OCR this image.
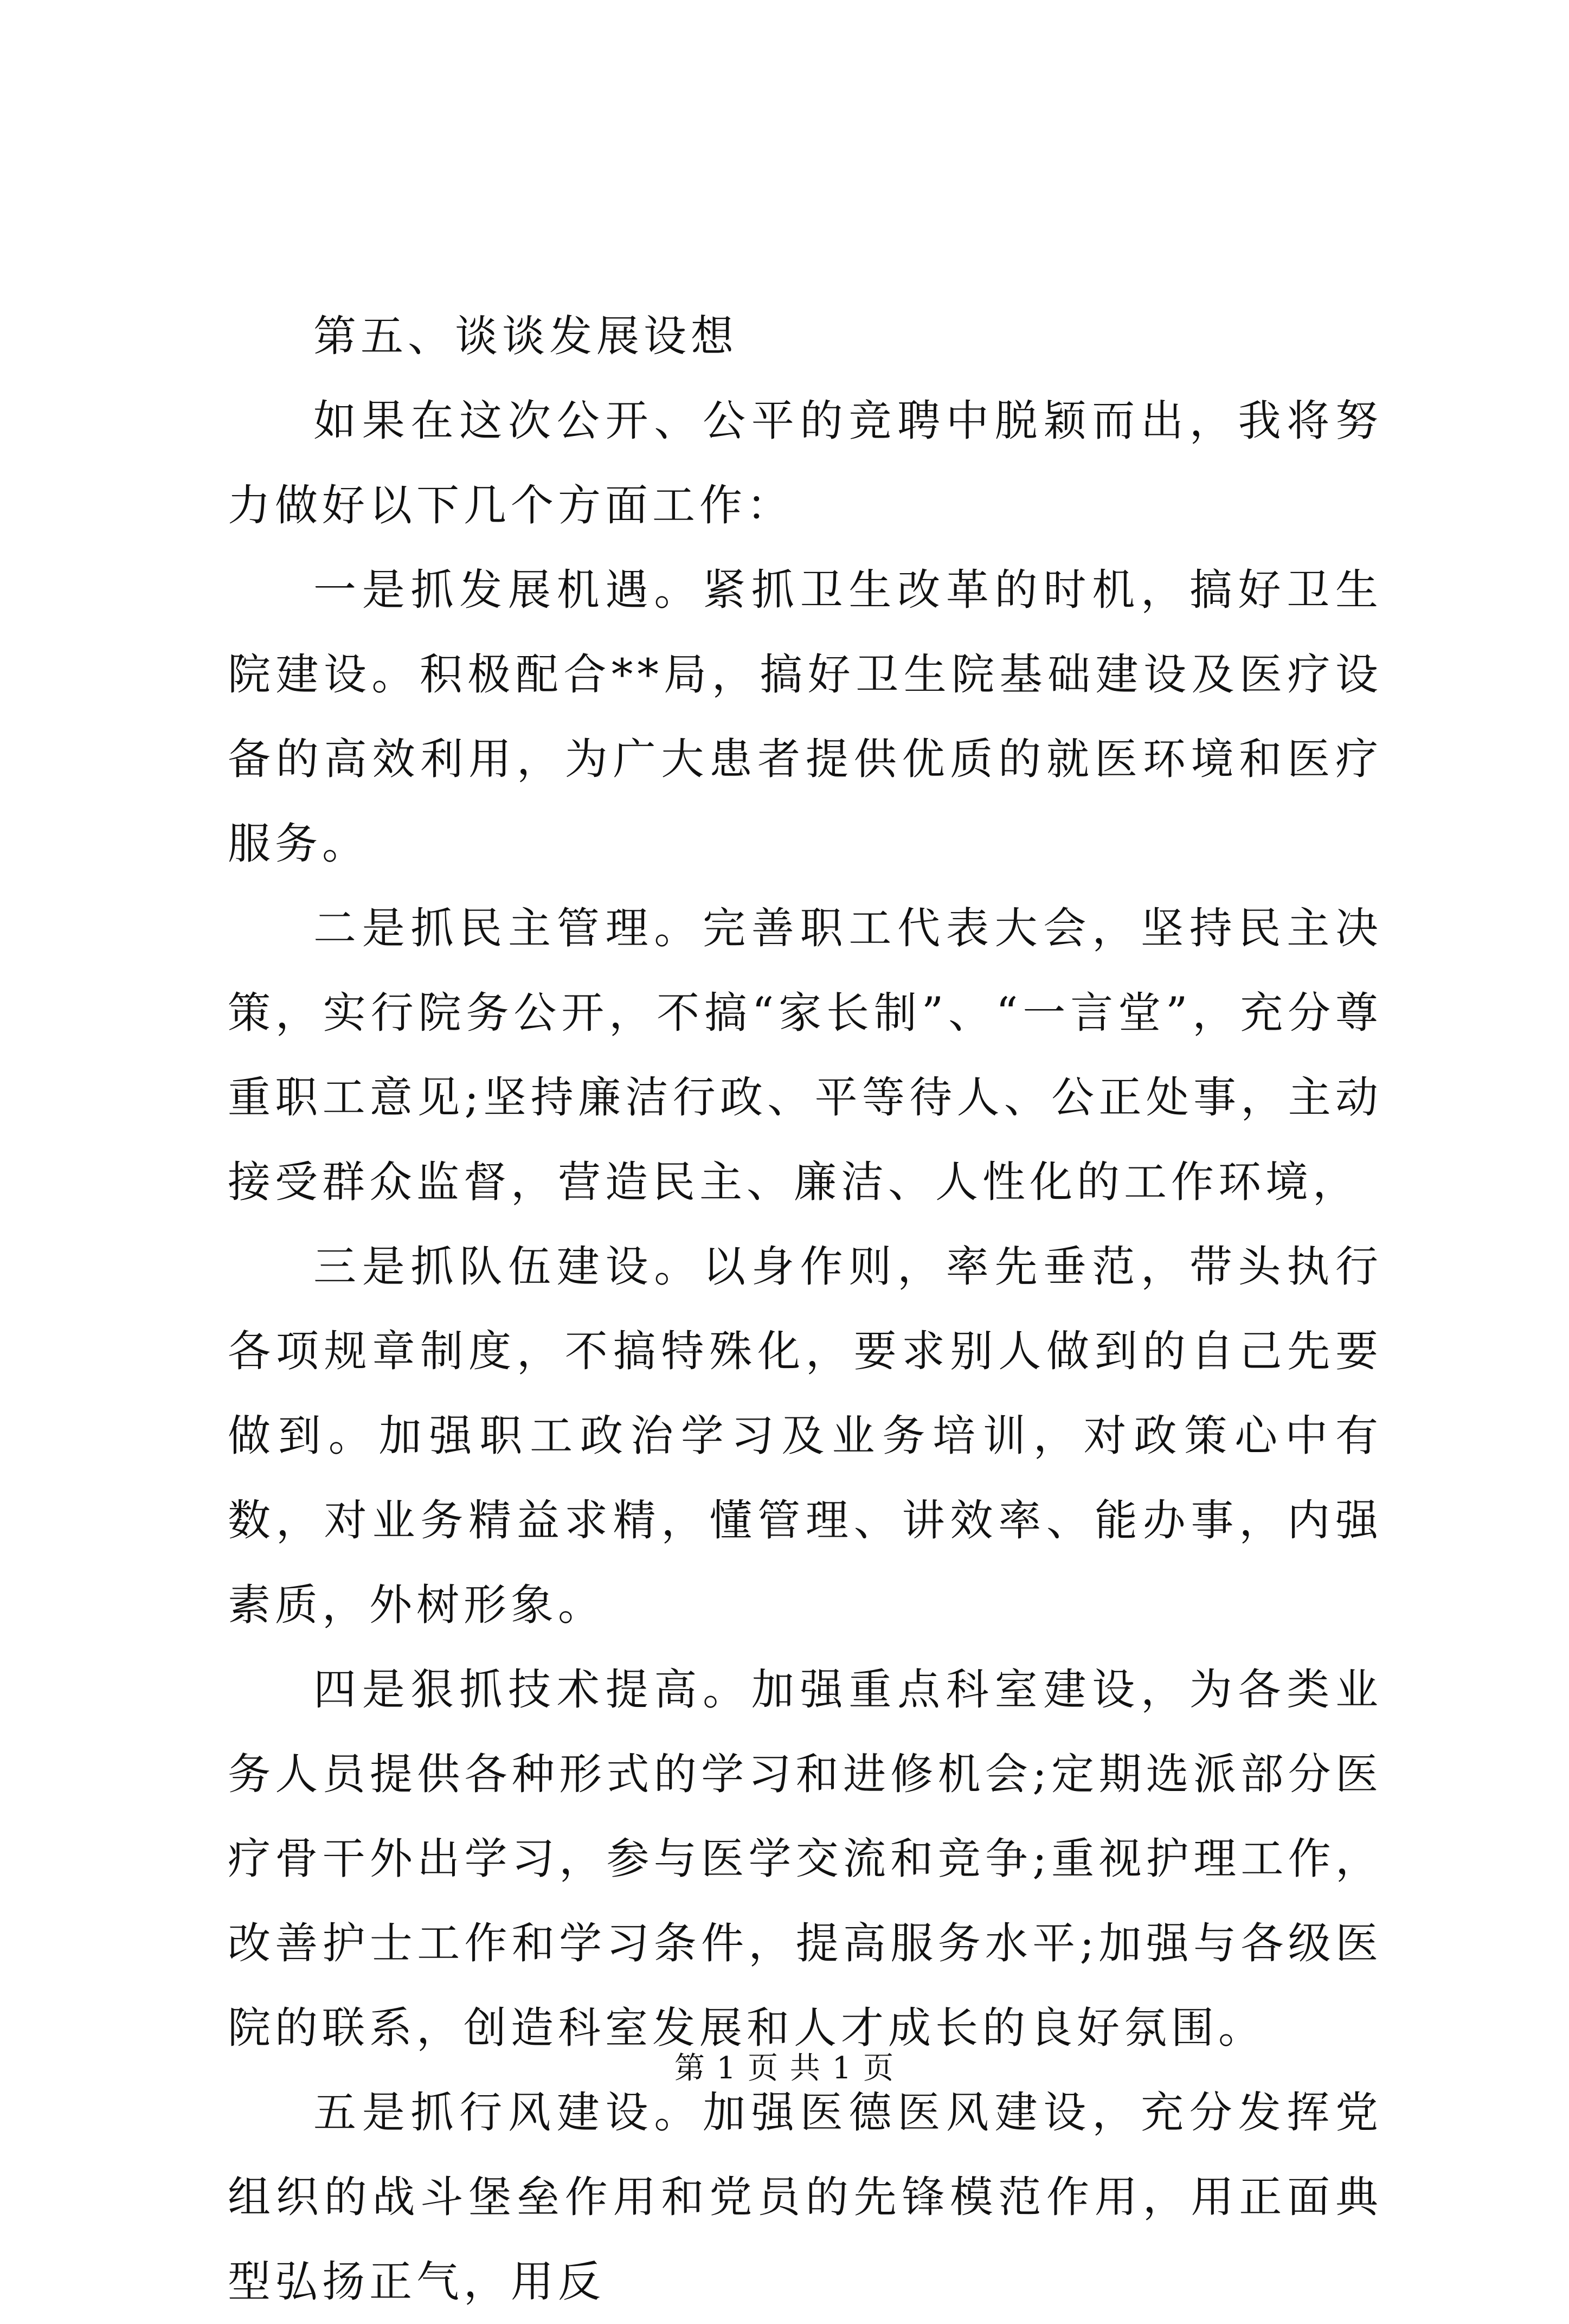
第五、谈谈发展设想

如果在这次公开、公平的竞聘中脱颖而出，我将努力做好以下几个方面工作：

一是抓发展机遇。紧抓卫生改革的时机，搞好卫生院建设。积极配合**局，搞好卫生院基础建设及医疗设备的高效利用，为广大患者提供优质的就医环境和医疗服务。

二是抓民主管理。完善职工代表大会，坚持民主决策，实行院务公开，不搞“家长制”、“一言堂”，充分尊重职工意见;坚持廉洁行政、平等待人、公正处事，主动接受群众监督，营造民主、廉洁、人性化的工作环境，

三是抓队伍建设。以身作则，率先垂范，带头执行各项规章制度，不搞特殊化，要求别人做到的自己先要做到。加强职工政治学习及业务培训，对政策心中有数，对业务精益求精，懂管理、讲效率、能办事，内强素质，外树形象。

四是狠抓技术提高。加强重点科室建设，为各类业务人员提供各种形式的学习和进修机会;定期选派部分医疗骨干外出学习，参与医学交流和竞争;重视护理工作，改善护士工作和学习条件，提高服务水平;加强与各级医院的联系，创造科室发展和人才成长的良好氛围。

五是抓行风建设。加强医德医风建设，充分发挥党组织的战斗堡垒作用和党员的先锋模范作用，用正面典型弘扬正气，用反

第 1 页 共 1 页
